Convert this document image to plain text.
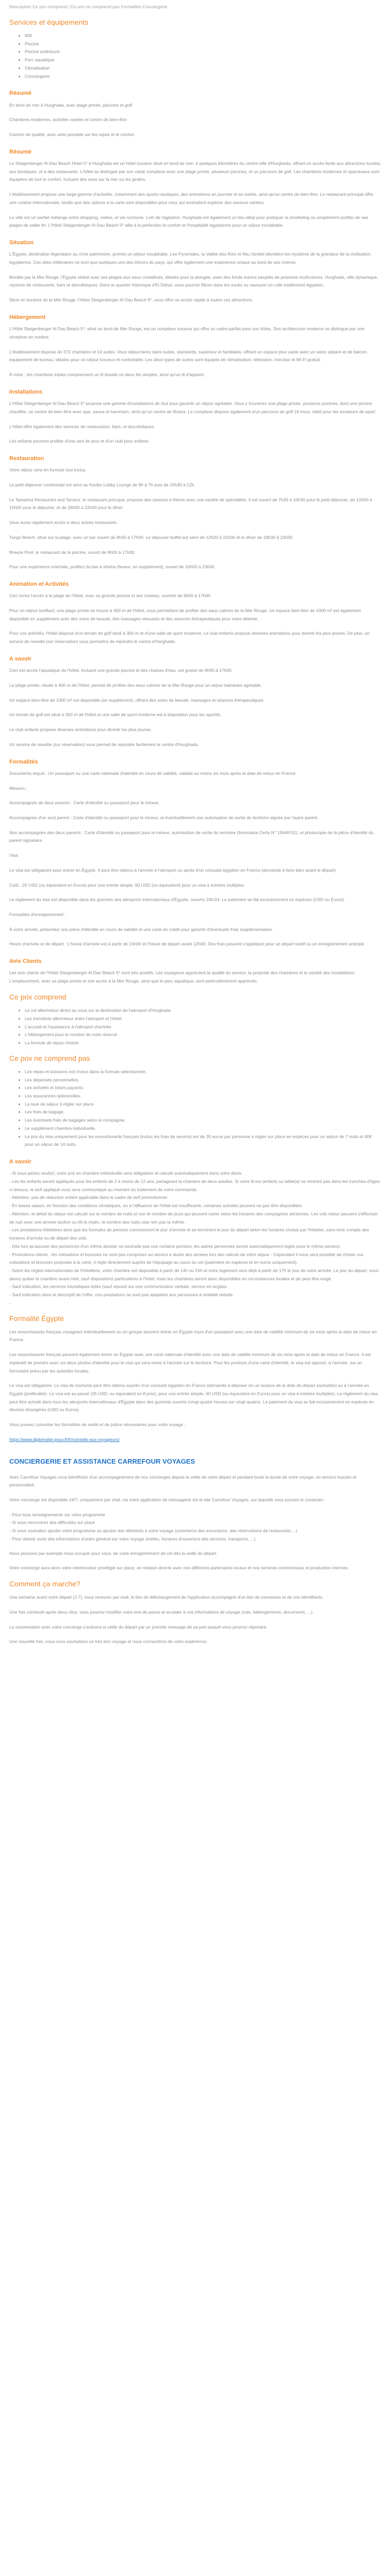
Description Ce prix comprend | Ce prix ne comprend pas Formalités Conciergerie
Services et équipements
• Wifi
• Piscine
• Piscine extérieure
• Parc aquatique
• Climatisation
• Conciergerie
Résumé

En bord de mer à Hurghada, avec plage privée, piscines et golf

Chambres modernes, activités variées et centre de bien-être

Camino de qualité, avec arès possible sur les repas et le confort.

Résumé

Le Steigenberger Al Dau Beach Hotel 5* à Hurghada est un hôtel luxueux situé en bord de mer, à quelques kilomètres du centre-ville d'Hurghada, offrant un accès facile aux attractions locales, aux boutiques, et à des restaurants. L'hôtel se distingue par son vaste complexe avec une plage privée, plusieurs piscines, et un parcours de golf. Les chambres modernes et spacieuses sont équipées de tout le confort, incluant des vues sur la mer ou les jardins.

L'établissement propose une large gamme d'activités, notamment des sports nautiques, des animations en journée et en soirée, ainsi qu'un centre de bien-être. Le restaurant principal offre une cuisine internationale, tandis que des options à la carte sont disponibles pour ceux qui souhaitent explorer des saveurs variées.

La ville est un parfait mélange entre shopping, visites, et vie nocturne. Loin de l'agitation, Hurghada est également un lieu idéal pour pratiquer la snorkeling ou simplement profiter de ses plages de sable fin. L'Hôtel Steigenberger Al Dau Beach 5* allie à la perfection le confort et l'hospitalité égyptienne pour un séjour inoubliable.

Situation

L'Égypte, destination légendaire au riche patrimoine, promet un séjour inoubliable. Les Pyramides, la Vallée des Rois et Abu Simbel dévoilent les mystères de la grandeur de la civilisation égyptienne. Ces sites millénaires ne sont que quelques-uns des trésors du pays, qui offre également une expérience unique au bord de ses rivières.

Bordée par la Mer Rouge, l'Égypte séduit avec ses plages aux eaux cristallines, idéales pour la plongée, avec des fonds marins peuplés de poissons multicolores. Hurghada, ville dynamique, rayonne de restaurants, bars et discothèques. Dans le quartier historique d'El Dahar, vous pourrez flâner dans les souks ou savourer un café traditionnel égyptien.

Situé en bordure de la Mer Rouge, l'Hôtel Steigenberger Al Dau Beach 5*, vous offre un accès rapide à toutes ces attractions.

Hébergement

L'Hôtel Steigenberger Al Dau Beach 5*, situé au bord de Mer Rouge, est un complexe luxueux qui offre un cadre parfait pour vos hôtes. Son architecture moderne se distingue par une réception en marbre.

L'établissement dispose de 372 chambres et 14 suites. Vous séjournerez dans suites, standards, supérieur et familiales, offrant un espace plus vaste avec un salon séparé et de balcon, équipement de bureau, idéales pour un séjour luxueux et confortable. Les deux types de suites sont équipés de climatisation, télévision, mini-bar et Wi-Fi gratuit.

À noter : les chambres triples comprennent un lit double ou deux lits simples, ainsi qu'un lit d'appoint.

Installations

L'Hôtel Steigenberger Al Dau Beach 5* propose une gamme d'installations de tout pour garantir un séjour agréable. Vous y trouverez une plage privée, plusieurs piscines, dont une piscine chauffée, un centre de bien-être avec spa, sauna et hammam, ainsi qu'un centre de fitness. Le complexe dispose également d'un parcours de golf 18 trous, idéal pour les amateurs de sport.

L'hôtel offre également des services de restauration, bars, et discothèques.

Les enfants peuvent profiter d'une aire de jeux et d'un club pour enfants.

Restauration

Votre séjour sera en formule tout inclus.

Le petit-déjeuner continental est servi au Karibu Lobby Lounge de 9h à 7h puis de 10h30 à 12h.

Le Tamarind Restaurant and Terrace, le restaurant principal, propose des saveurs à thème avec une variété de spécialités. Il est ouvert de 7h30 à 10h30 pour le petit-déjeuner, de 12h00 à 15h00 pour le déjeuner, et de 18h00 à 22h30 pour le dîner.

Vous aurez également accès à deux autres restaurants :

Tango Beach, situé sur la plage, avec un bar ouvert de 9h00 à 17h00. Le déjeuner buffet est servi de 12h00 à 15h00 et le dîner de 18h30 à 22h00.

Breeze Pool, le restaurant de la piscine, ouvert de 9h00 à 17h00.

Pour une expérience orientale, profitez du bar à shisha (faveur, en supplément), ouvert de 10h00 à 23h00.

Animation et Activités

Ceci inclut l'accès à la plage de l'hôtel, avec sa grande piscine et ses chaises, ouverte de 9h00 à 17h00.

Pour un séjour tonifiant, une plage privée se trouve à 400 m de l'hôtel, vous permettant de profiter des eaux calmes de la Mer Rouge. Un espace bien-être de 1000 m² est également disponible en supplément avec des soins de beauté, des massages relaxants et des séances thérapeutiques pour votre détente.

Pour vos activités, l'hôtel dispose d'un terrain de golf situé à 300 m et d'une salle de sport moderne. Le club enfants propose diverses animations pour divertir les plus jeunes. De plus, un service de navette (sur réservation) vous permettra de rejoindre le centre d'Hurghada.

A savoir

Ceci est accès l'aquatique de l'hôtel, incluant une grande piscine et des chaises d'eau, est gratuit de 9h00 à 17h00.

La plage privée, située à 400 m de l'hôtel, permet de profiter des eaux calmes de la Mer Rouge pour un séjour balnéaire agréable.

Un espace bien-être de 1000 m² est disponible (en supplément), offrant des soins de beauté, massages et séances thérapeutiques.

Un terrain de golf est situé à 300 m de l'hôtel et une salle de sport moderne est à disposition pour les sportifs.

Le club enfants propose diverses animations pour divertir les plus jeunes.

Un service de navette (sur réservation) vous permet de rejoindre facilement le centre d'Hurghada.

Formalités

Documents requis : Un passeport ou une carte nationale d'identité en cours de validité, valable au moins six mois après la date de retour en France.

Mineurs :

Accompagnés de deux parents : Carte d'identité ou passeport pour le mineur.

Accompagnés d'un seul parent : Carte d'identité ou passeport pour le mineur, et éventuellement une autorisation de sortie du territoire signée par l'autre parent.

Non accompagnés des deux parents : Carte d'identité ou passeport pour le mineur, autorisation de sortie du territoire (formulaire Cerfa N° 15646*01), et photocopie de la pièce d'identité du parent signataire.

Visa :

Le visa est obligatoire pour entrer en Égypte. Il peut être obtenu à l'arrivée à l'aéroport ou après d'un consulat égyptien en France (demande à faire bien avant le départ).

Coût : 25 USD (ou équivalent en Euros) pour une entrée simple, 60 USD (ou équivalent) pour un visa à entrées multiples.

Le règlement du visa est disponible dans les guichets des aéroports internationaux d'Égypte, ouverts 24h/24. Le paiement se fait exclusivement en espèces (USD ou Euros).

Formalités d'enregistrement :

À votre arrivée, présentez une pièce d'identité en cours de validité et une carte de crédit pour garantir d'éventuels frais supplémentaires.

Heure d'arrivée et de départ : L'heure d'arrivée est à partir de 15h00 et l'heure de départ avant 12h00. Des frais peuvent s'appliquer pour un départ tardif ou un enregistrement anticipé.

Avis Clients

Les avis clients de l'Hôtel Steigenberger Al Dau Beach 5* sont très positifs. Les voyageurs apprécient la qualité du service, la propreté des chambres et la variété des installations. L'emplacement, avec sa plage privée et son accès à la Mer Rouge, ainsi que le parc aquatique, sont particulièrement appréciés.

Ce prix comprend
• Le vol aller/retour direct au vous sur la destination de l'aéroport d'Hurghada
• Les transferts aller/retour entre l'aéroport et l'hôtel
• L'accueil et l'assistance à l'aéroport d'arrivée
• L'hébergement pour le nombre de nuits réservé
• La formule de repas choisie
Ce prix ne comprend pas
• Les repas et boissons non inclus dans la formule sélectionnée.
• Les dépenses personnelles.
• Les activités et loisirs payants.
• Les assurances optionnelles.
• La taxe de séjour à régler sur place.
• Les frais de bagage.
• Les éventuels frais de bagages selon la compagnie.
• Le supplément chambre individuelle.
• Le prix du visa uniquement pour les ressortissants français (inclus les frais de service) est de 35 euros par personne à régler sur place en espèces pour un séjour de 7 nuits et 40€ pour un séjour de 14 nuits.
A savoir
- Si vous partez seul(e), votre prix en chambre individuelle sera obligatoire et calculé automatiquement dans votre devis.
- Les lits enfants seront appliqués pour les enfants de 2 à moins de 12 ans, partageant la chambre de deux adultes. Si votre lit est (enfant) ou bébé(s) ne rentrent pas dans les tranches d'âges ci-dessus, le tarif appliqué vous sera communiqué au moment du traitement de votre commande.
- Attention, pas de réduction enfant applicable dans le cadre de tarif promotionnel.
- En basse saison, en fonction des conditions climatiques, ou à l'affluence de l'hôtel est insuffisante, certaines activités peuvent ne pas être disponibles.
- Attention, le détail du séjour est calculé sur le nombre de nuits et non le nombre de jours qui peuvent varier selon les horaires des compagnies aériennes. Les vols retour peuvent s'effectuer de nuit avec une arrivée tardive ou tôt le matin, la nombre des nuits cela non pas la même.
- Les prestations hôtelières ainsi que les formules de pension commencent le jour d'arrivée et se terminent le jour du départ selon les horaires choisis par l'hôtelier, sans tenir compte des horaires d'arrivée ou de départ des vols.
- Dès lors qu'aucune des personnes d'un même dossier ne souhaite pas une certaine pension, les autres personnes seront automatiquement logés sous le même pension.
- Promotions clients : les cotisations et bonuses ne sont pas comprises au service à durée des annees lors des calculs de votre séjour - Cependant il vous sera possible de choisir vos cotisations et bonuses proposés à la carte, il règle directement auprès de l'équipage au cours du vol (paiement en espèces et en euros uniquement).
- Selon les règles internationales de l'hôtellerie, votre chambre est disponible à partir de 14h ou 15h et votre logement sera déjà à partir de 17h le jour de votre arrivée. Le jour du départ, vous devez quitter la chambre avant midi, sauf dispositions particulières à l'hôtel, mais les chambres seront donc disponibles en circonstances locales et de peut être exigé.
- Sauf indication, les services touristiques listés (sauf répond sur une communication verbale, service en anglais.
- Sauf indication dans le descriptif de l'offre, nos prestations ne sont pas adaptées aux personnes à mobilité réduite.
-
Formalité Égypte

Les ressortissants français voyageant individuellement ou en groupe peuvent entrer en Égypte muni d'un passeport avec une date de validité minimum de six mois après la date de retour en France.

Les ressortissants français peuvent également entrer en Égypte avec une carte nationale d'identité avec une date de validité minimum de six mois après la date de retour en France. Il est impératif de prendre avec soi deux photos d'identité pour le visa qui sera remis à l'arrivée sur le territoire. Pour les porteurs d'une carte d'identité, le visa est apposé, à l'arrivée, sur un formulaire prévu par les autorités locales.

Le visa est obligatoire. Le visa de tourisme peut être obtenu auprès d'un consulat égyptien en France (demande à déposer en un avance de la date de départ souhaitée) ou à l'arrivée en Égypte (préférable). Le visa est au passé (25 USD, ou équivalent en Euros), pour une entrée simple, 60 USD (ou équivalent en Euros) pour un visa à entrées multiples). Le règlement du visa peut être acheté dans tous les aéroports internationaux d'Égypte dans des guichets ouverts (vingt-quatre heures sur vingt-quatre). Le paiement du visa se fait exclusivement en espèces en devises étrangères (USD ou Euros).

Vous pouvez consulter les formalités de santé et de police nécessaires pour votre voyage :

https://www.diplomatie.gouv.fr/fr/conseils-aux-voyageurs/

CONCIERGERIE ET ASSISTANCE CARREFOUR VOYAGES

Avec Carrefour Voyages vous bénéficiez d'un accompagnement de nos concierges depuis la veille de votre départ et pendant toute la durée de votre voyage, en service humain et personnalisé.

Votre concierge est disponible 24/7, uniquement par chat, via votre application de messagerie via le site Carrefour Voyages, sur laquelle vous pouvez le contacter :

- Pour tous renseignements sur votre programme
- Si vous rencontrez des difficultés sur place
- Si vous souhaitez ajouter votre programme ou ajouter des éléments à votre voyage (commerce des excursions, des réservations de restaurants ...)
- Pour obtenir avoir des informations d'ordre général sur votre voyage (météo, horaires d'ouverture des services, transports, ...)

Nous pouvons par exemple nous occuper pour vous, de votre enregistrement de vol dès la veille du départ.

Votre concierge aura alors votre interlocuteur privilégié sur place, en relation directe avec nos différents partenaires locaux et nos services commerciaux et production internes.

Comment ça marche?

Une semaine avant votre départ (J-7), vous recevrez par mail, le lien de téléchargement de l'application accompagné d'un lien de connexion et de vos identifiants.

Une fois connecté après deux clics, vous pourrez modifier votre mot de passe et accéder à vos informations de voyage (vols, hébergements, documents, ...).

La conversation avec votre concierge s'activera la veille du départ par un premier message de sa part auquel vous pourrez répondre.

Une nouvelle fois, nous vous souhaitons un très bon voyage et nous connections de votre expérience.
